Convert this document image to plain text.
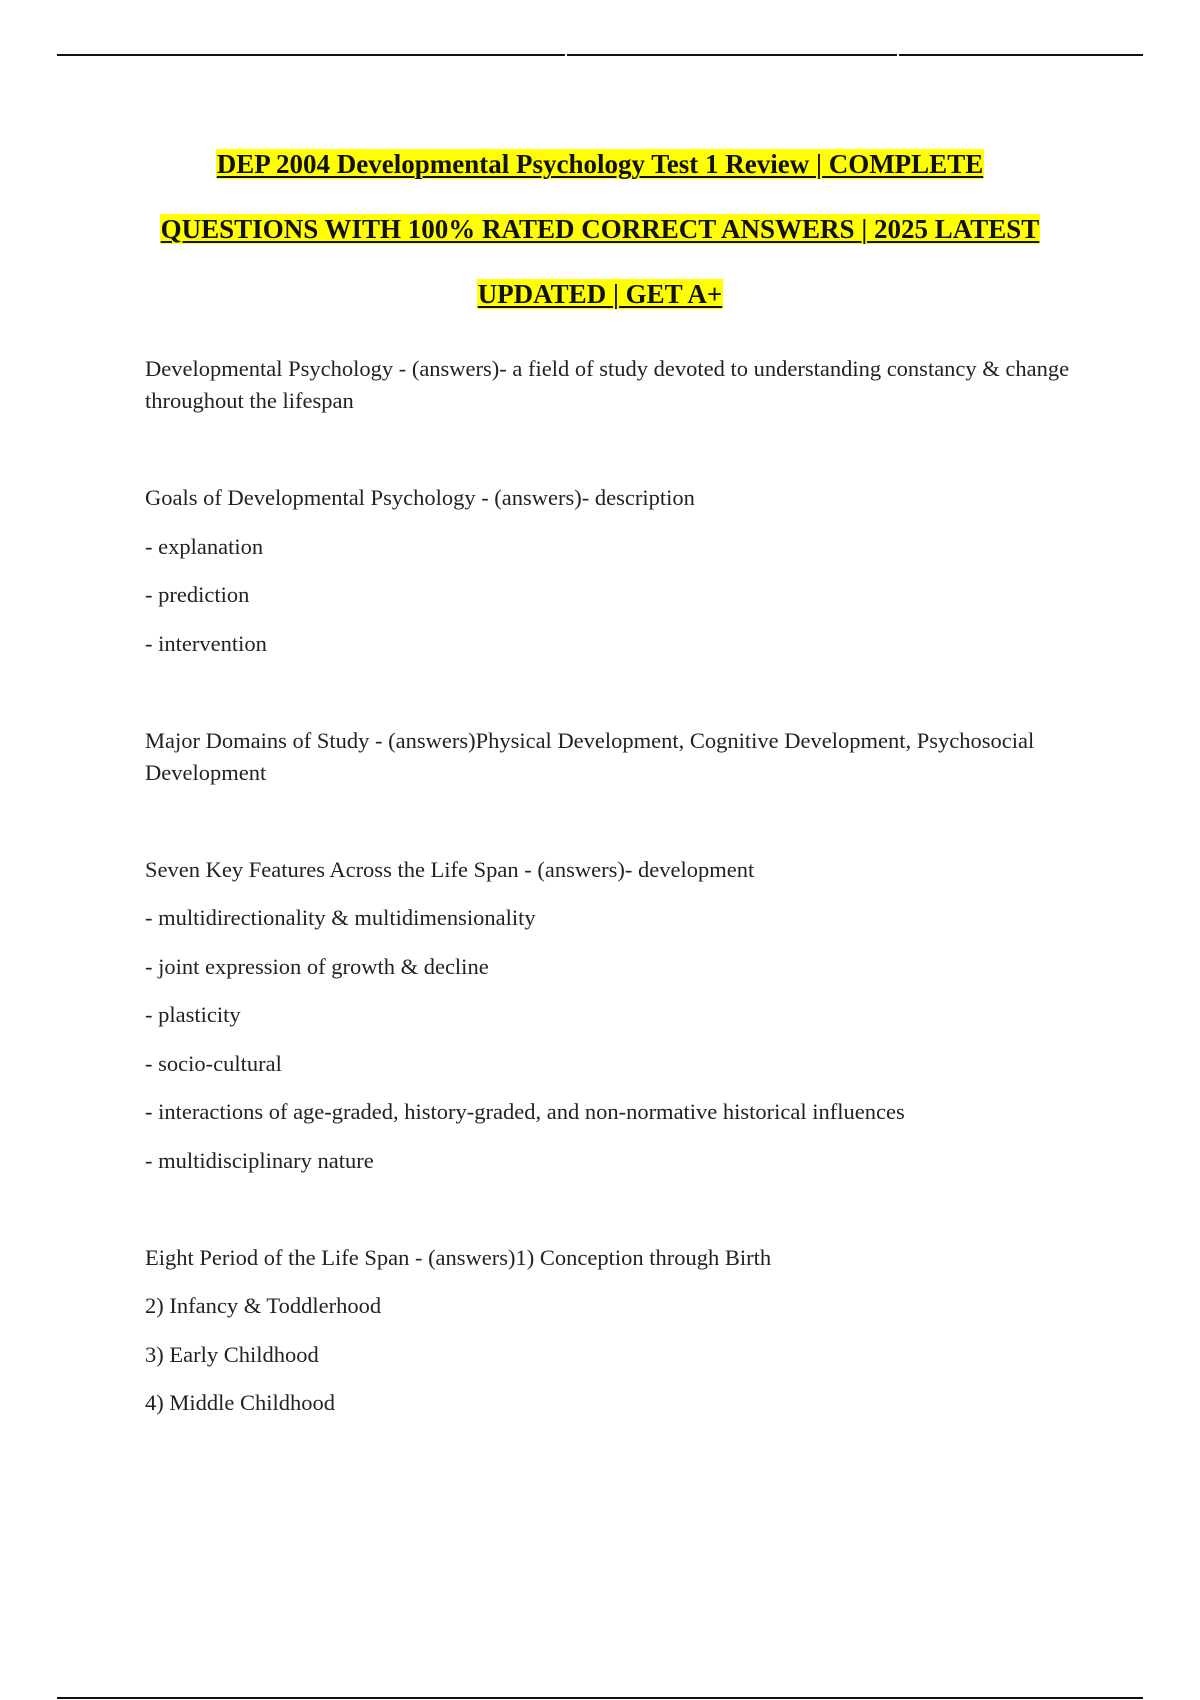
DEP 2004 Developmental Psychology Test 1 Review | COMPLETE
QUESTIONS WITH 100% RATED CORRECT ANSWERS | 2025 LATEST
UPDATED | GET A+

Developmental Psychology - (answers)- a field of study devoted to understanding constancy & change throughout the lifespan

Goals of Developmental Psychology - (answers)- description

- explanation

- prediction

- intervention

Major Domains of Study - (answers)Physical Development, Cognitive Development, Psychosocial Development

Seven Key Features Across the Life Span - (answers)- development

- multidirectionality & multidimensionality

- joint expression of growth & decline

- plasticity

- socio-cultural

- interactions of age-graded, history-graded, and non-normative historical influences

- multidisciplinary nature

Eight Period of the Life Span - (answers)1) Conception through Birth

2) Infancy & Toddlerhood

3) Early Childhood

4) Middle Childhood
